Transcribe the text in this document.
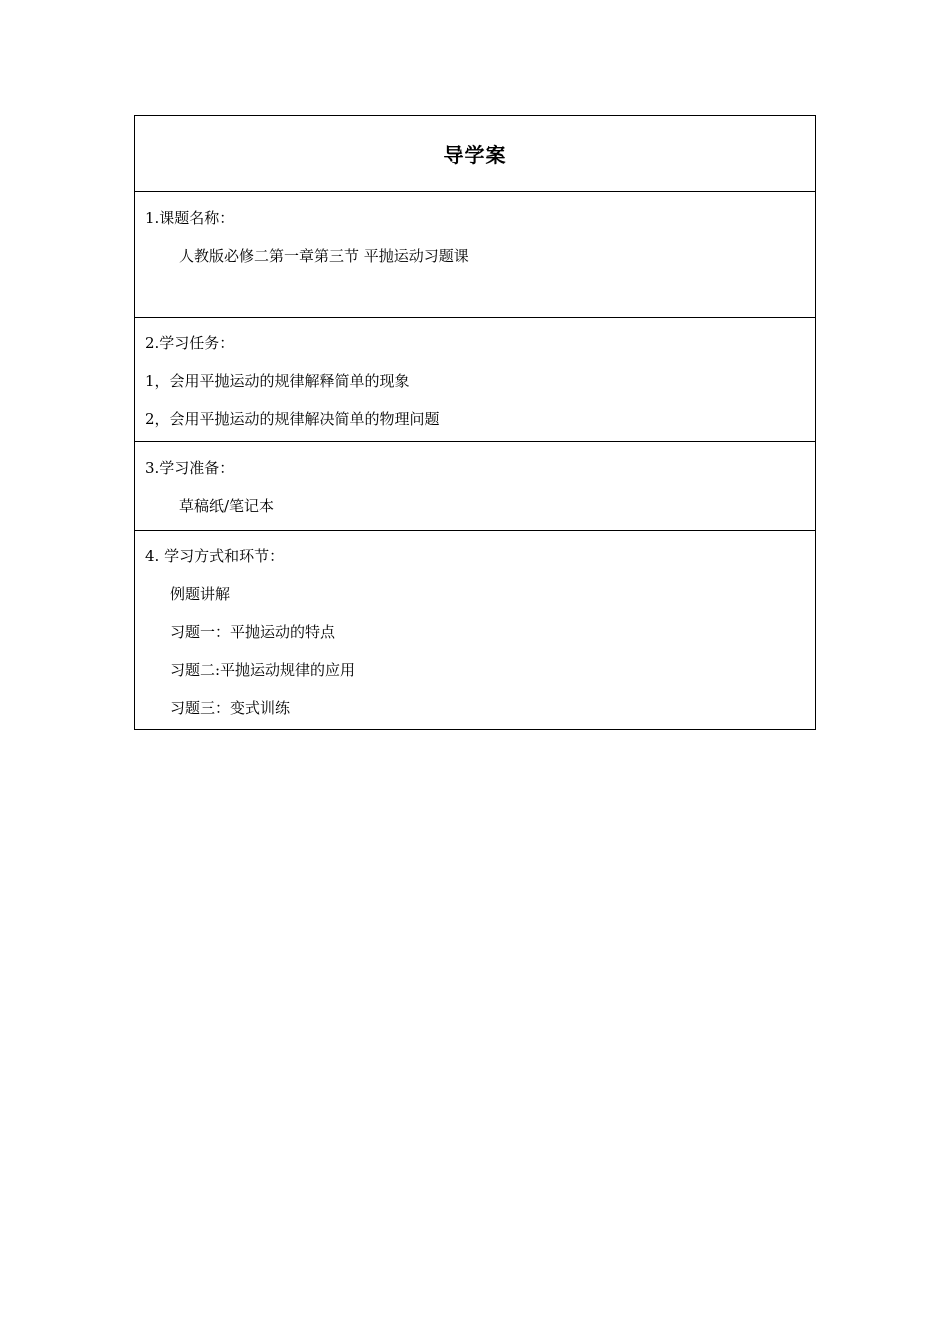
导学案
1.课题名称：
人教版必修二第一章第三节 平抛运动习题课
2.学习任务：
1，会用平抛运动的规律解释简单的现象
2，会用平抛运动的规律解决简单的物理问题
3.学习准备：
草稿纸/笔记本
4. 学习方式和环节：
例题讲解
习题一：平抛运动的特点
习题二:平抛运动规律的应用
习题三：变式训练
